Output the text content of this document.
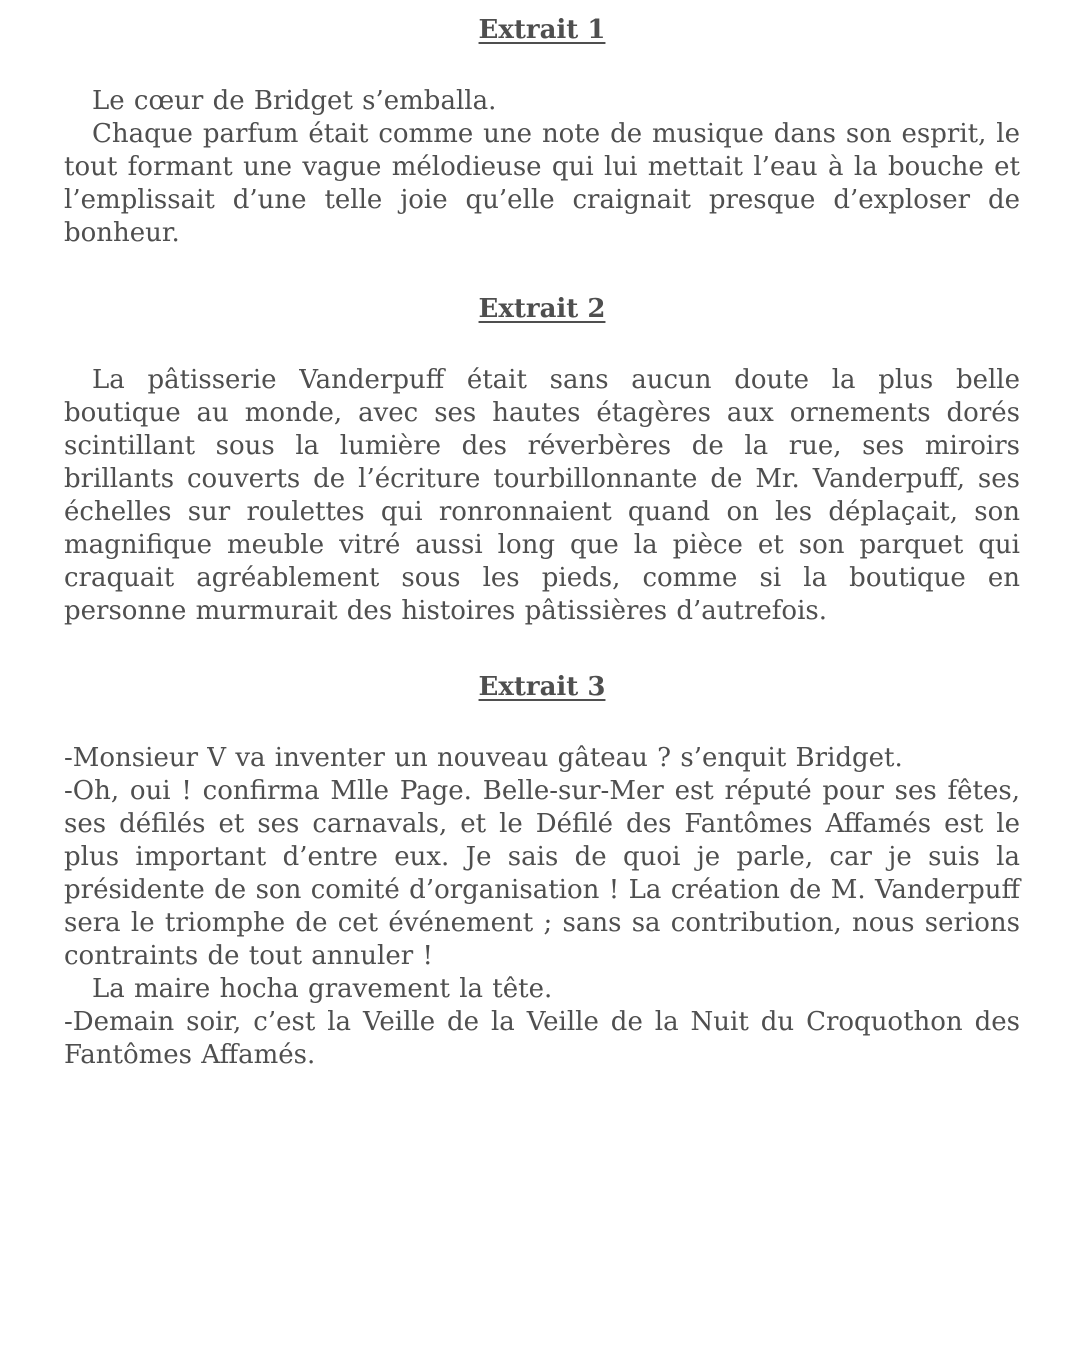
Extrait 1

Le cœur de Bridget s’emballa.

Chaque parfum était comme une note de musique dans son esprit, le tout formant une vague mélodieuse qui lui mettait l’eau à la bouche et l’emplissait d’une telle joie qu’elle craignait presque d’exploser de bonheur.

Extrait 2

La pâtisserie Vanderpuff était sans aucun doute la plus belle boutique au monde, avec ses hautes étagères aux ornements dorés scintillant sous la lumière des réverbères de la rue, ses miroirs brillants couverts de l’écriture tourbillonnante de Mr. Vanderpuff, ses échelles sur roulettes qui ronronnaient quand on les déplaçait, son magnifique meuble vitré aussi long que la pièce et son parquet qui craquait agréablement sous les pieds, comme si la boutique en personne murmurait des histoires pâtissières d’autrefois.

Extrait 3

-Monsieur V va inventer un nouveau gâteau ? s’enquit Bridget.

-Oh, oui ! confirma Mlle Page. Belle-sur-Mer est réputé pour ses fêtes, ses défilés et ses carnavals, et le Défilé des Fantômes Affamés est le plus important d’entre eux. Je sais de quoi je parle, car je suis la présidente de son comité d’organisation ! La création de M. Vanderpuff sera le triomphe de cet événement ; sans sa contribution, nous serions contraints de tout annuler !

La maire hocha gravement la tête.

-Demain soir, c’est la Veille de la Veille de la Nuit du Croquothon des Fantômes Affamés.
